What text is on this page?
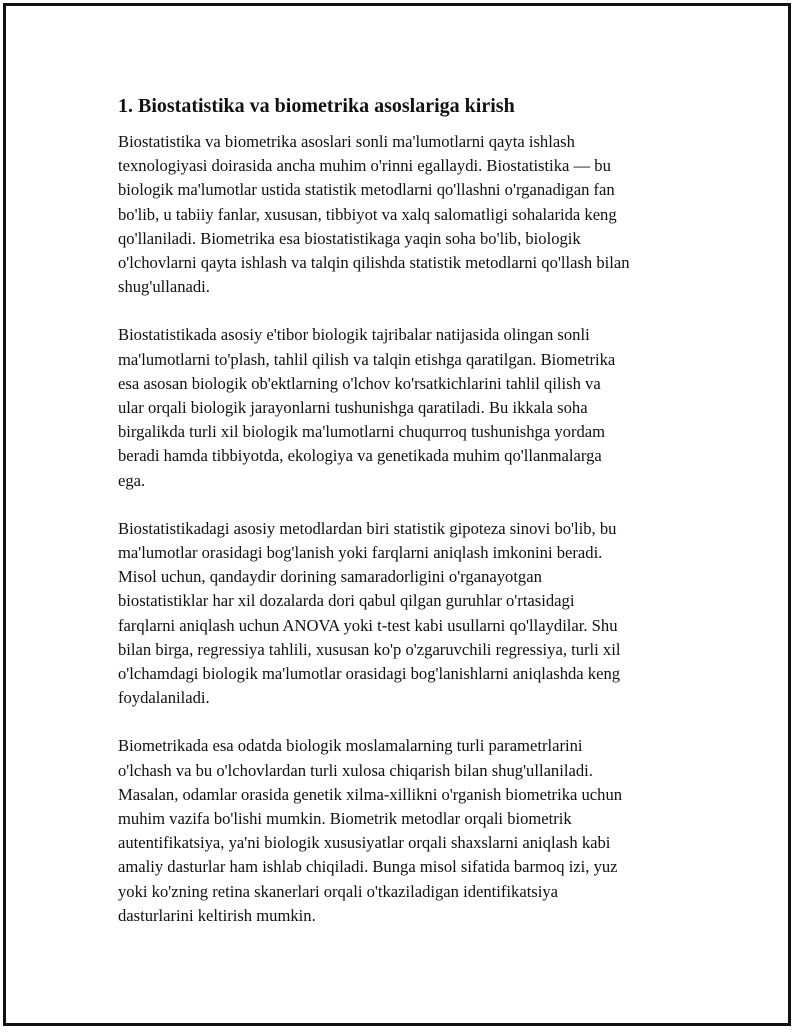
1. Biostatistika va biometrika asoslariga kirish

Biostatistika va biometrika asoslari sonli ma'lumotlarni qayta ishlash
texnologiyasi doirasida ancha muhim o'rinni egallaydi. Biostatistika — bu
biologik ma'lumotlar ustida statistik metodlarni qo'llashni o'rganadigan fan
bo'lib, u tabiiy fanlar, xususan, tibbiyot va xalq salomatligi sohalarida keng
qo'llaniladi. Biometrika esa biostatistikaga yaqin soha bo'lib, biologik
o'lchovlarni qayta ishlash va talqin qilishda statistik metodlarni qo'llash bilan
shug'ullanadi.

Biostatistikada asosiy e'tibor biologik tajribalar natijasida olingan sonli
ma'lumotlarni to'plash, tahlil qilish va talqin etishga qaratilgan. Biometrika
esa asosan biologik ob'ektlarning o'lchov ko'rsatkichlarini tahlil qilish va
ular orqali biologik jarayonlarni tushunishga qaratiladi. Bu ikkala soha
birgalikda turli xil biologik ma'lumotlarni chuqurroq tushunishga yordam
beradi hamda tibbiyotda, ekologiya va genetikada muhim qo'llanmalarga
ega.

Biostatistikadagi asosiy metodlardan biri statistik gipoteza sinovi bo'lib, bu
ma'lumotlar orasidagi bog'lanish yoki farqlarni aniqlash imkonini beradi.
Misol uchun, qandaydir dorining samaradorligini o'rganayotgan
biostatistiklar har xil dozalarda dori qabul qilgan guruhlar o'rtasidagi
farqlarni aniqlash uchun ANOVA yoki t-test kabi usullarni qo'llaydilar. Shu
bilan birga, regressiya tahlili, xususan ko'p o'zgaruvchili regressiya, turli xil
o'lchamdagi biologik ma'lumotlar orasidagi bog'lanishlarni aniqlashda keng
foydalaniladi.

Biometrikada esa odatda biologik moslamalarning turli parametrlarini
o'lchash va bu o'lchovlardan turli xulosa chiqarish bilan shug'ullaniladi.
Masalan, odamlar orasida genetik xilma-xillikni o'rganish biometrika uchun
muhim vazifa bo'lishi mumkin. Biometrik metodlar orqali biometrik
autentifikatsiya, ya'ni biologik xususiyatlar orqali shaxslarni aniqlash kabi
amaliy dasturlar ham ishlab chiqiladi. Bunga misol sifatida barmoq izi, yuz
yoki ko'zning retina skanerlari orqali o'tkaziladigan identifikatsiya
dasturlarini keltirish mumkin.
